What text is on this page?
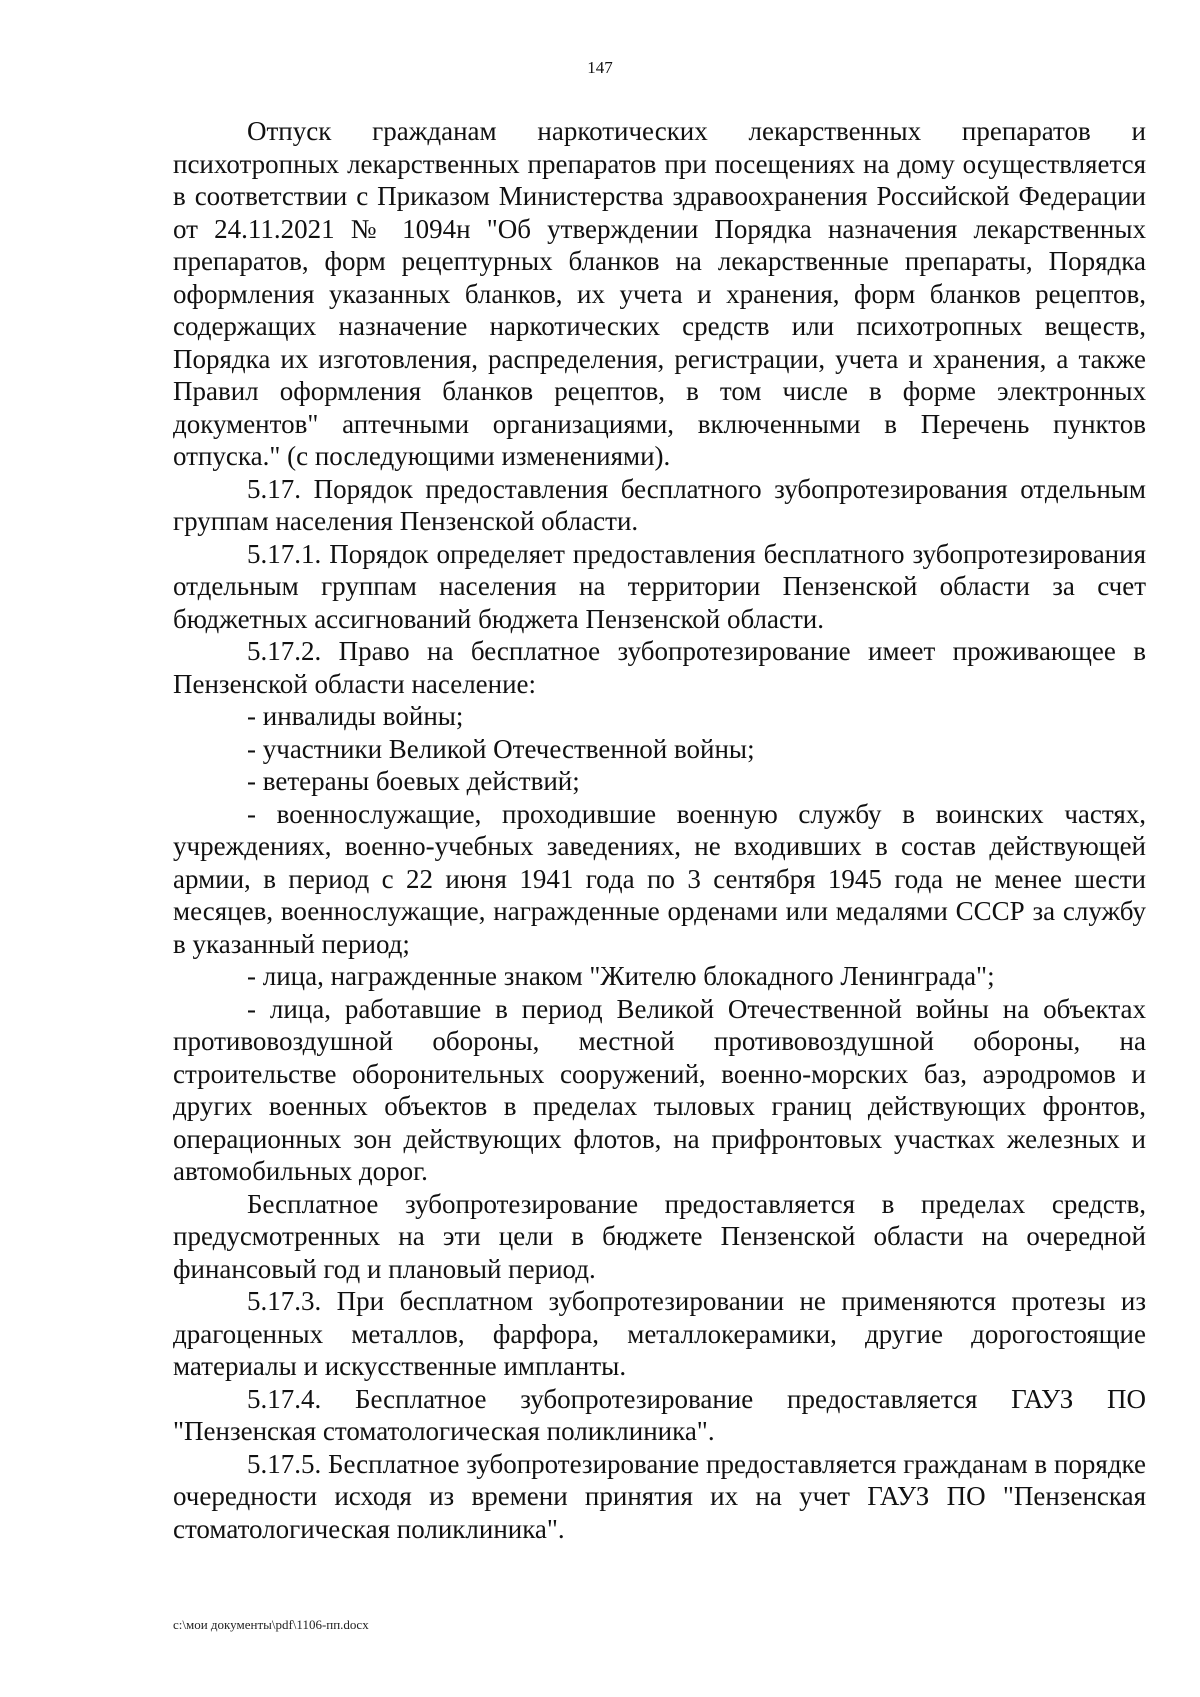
147

Отпуск гражданам наркотических лекарственных препаратов и психотропных лекарственных препаратов при посещениях на дому осуществляется в соответствии с Приказом Министерства здравоохранения Российской Федерации от 24.11.2021 № 1094н "Об утверждении Порядка назначения лекарственных препаратов, форм рецептурных бланков на лекарственные препараты, Порядка оформления указанных бланков, их учета и хранения, форм бланков рецептов, содержащих назначение наркотических средств или психотропных веществ, Порядка их изготовления, распределения, регистрации, учета и хранения, а также Правил оформления бланков рецептов, в том числе в форме электронных документов" аптечными организациями, включенными в Перечень пунктов отпуска." (с последующими изменениями).

5.17. Порядок предоставления бесплатного зубопротезирования отдельным группам населения Пензенской области.

5.17.1. Порядок определяет предоставления бесплатного зубопротезирования отдельным группам населения на территории Пензенской области за счет бюджетных ассигнований бюджета Пензенской области.

5.17.2. Право на бесплатное зубопротезирование имеет проживающее в Пензенской области население:

- инвалиды войны;

- участники Великой Отечественной войны;

- ветераны боевых действий;

- военнослужащие, проходившие военную службу в воинских частях, учреждениях, военно-учебных заведениях, не входивших в состав действующей армии, в период с 22 июня 1941 года по 3 сентября 1945 года не менее шести месяцев, военнослужащие, награжденные орденами или медалями СССР за службу в указанный период;

- лица, награжденные знаком "Жителю блокадного Ленинграда";

- лица, работавшие в период Великой Отечественной войны на объектах противовоздушной обороны, местной противовоздушной обороны, на строительстве оборонительных сооружений, военно-морских баз, аэродромов и других военных объектов в пределах тыловых границ действующих фронтов, операционных зон действующих флотов, на прифронтовых участках железных и автомобильных дорог.

Бесплатное зубопротезирование предоставляется в пределах средств, предусмотренных на эти цели в бюджете Пензенской области на очередной финансовый год и плановый период.

5.17.3. При бесплатном зубопротезировании не применяются протезы из драгоценных металлов, фарфора, металлокерамики, другие дорогостоящие материалы и искусственные импланты.

5.17.4. Бесплатное зубопротезирование предоставляется ГАУЗ ПО "Пензенская стоматологическая поликлиника".

5.17.5. Бесплатное зубопротезирование предоставляется гражданам в порядке очередности исходя из времени принятия их на учет ГАУЗ ПО "Пензенская стоматологическая поликлиника".

c:\мои документы\pdf\1106-пп.docx
